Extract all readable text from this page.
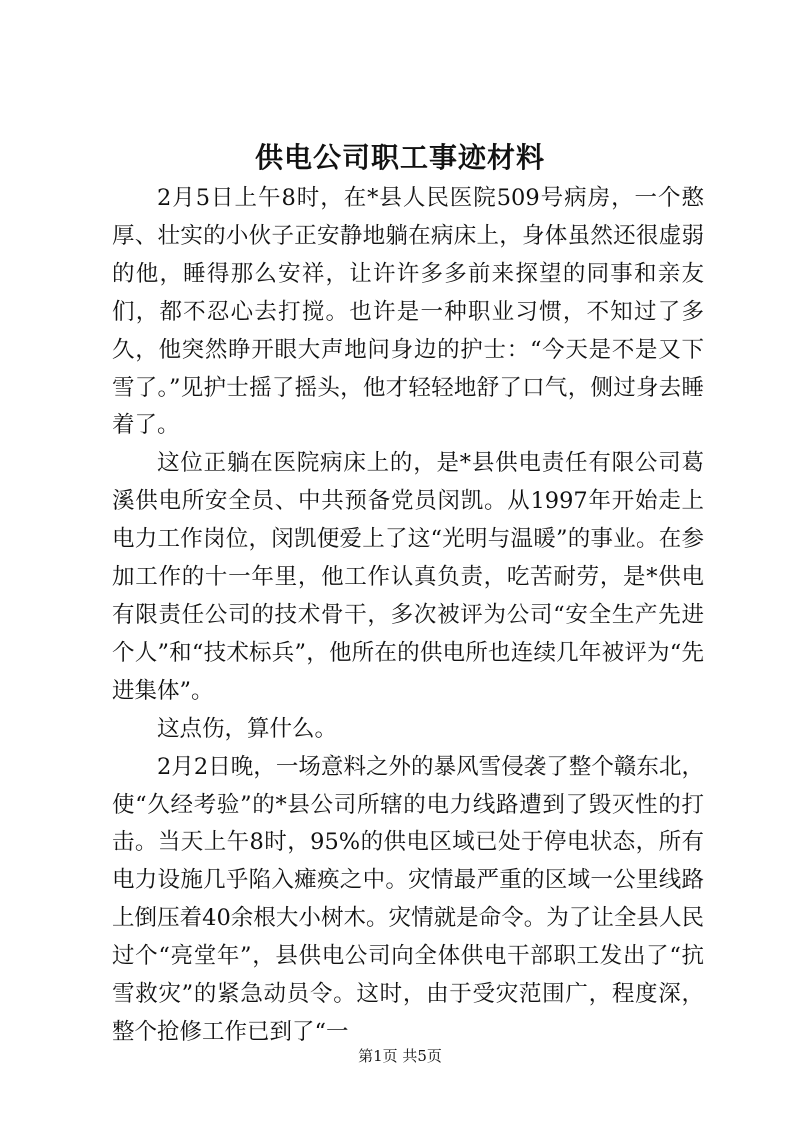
供电公司职工事迹材料

2月5日上午8时，在*县人民医院509号病房，一个憨厚、壮实的小伙子正安静地躺在病床上，身体虽然还很虚弱的他，睡得那么安祥，让许许多多前来探望的同事和亲友们，都不忍心去打搅。也许是一种职业习惯，不知过了多久，他突然睁开眼大声地问身边的护士：“今天是不是又下雪了。”见护士摇了摇头，他才轻轻地舒了口气，侧过身去睡着了。

这位正躺在医院病床上的，是*县供电责任有限公司葛溪供电所安全员、中共预备党员闵凯。从1997年开始走上电力工作岗位，闵凯便爱上了这“光明与温暖”的事业。在参加工作的十一年里，他工作认真负责，吃苦耐劳，是*供电有限责任公司的技术骨干，多次被评为公司“安全生产先进个人”和“技术标兵”，他所在的供电所也连续几年被评为“先进集体”。

这点伤，算什么。

2月2日晚，一场意料之外的暴风雪侵袭了整个赣东北，使“久经考验”的*县公司所辖的电力线路遭到了毁灭性的打击。当天上午8时，95%的供电区域已处于停电状态，所有电力设施几乎陷入瘫痪之中。灾情最严重的区域一公里线路上倒压着40余根大小树木。灾情就是命令。为了让全县人民过个“亮堂年”，县供电公司向全体供电干部职工发出了“抗雪救灾”的紧急动员令。这时，由于受灾范围广，程度深，整个抢修工作已到了“一

第1页 共5页
